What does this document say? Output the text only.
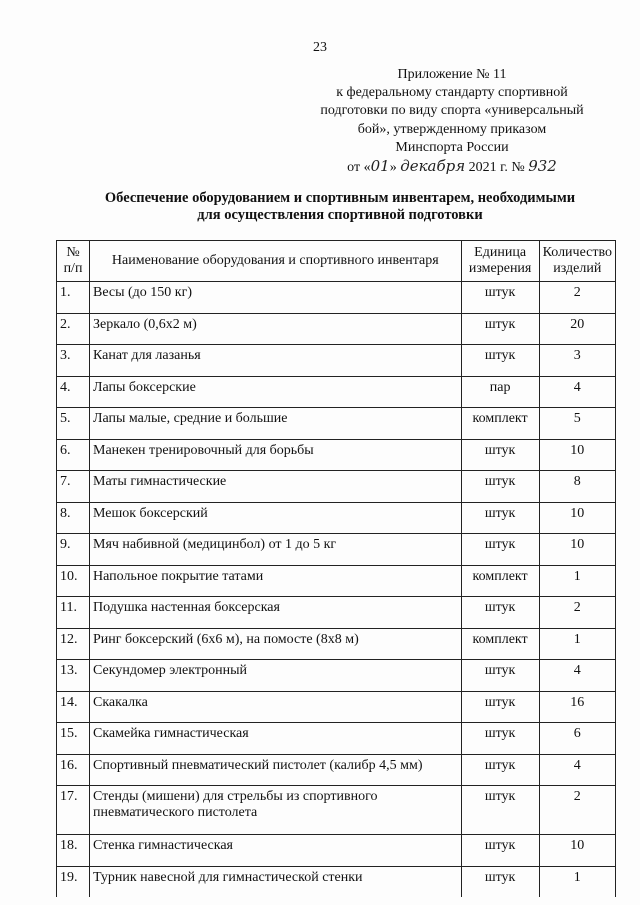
23
Приложение № 11
к федеральному стандарту спортивной
подготовки по виду спорта «универсальный
бой», утвержденному приказом
Минспорта России
от «01» декабря 2021 г. № 932
Обеспечение оборудованием и спортивным инвентарем, необходимыми
для осуществления спортивной подготовки
№ п/п	Наименование оборудования и спортивного инвентаря	Единица измерения	Количество изделий
1.	Весы (до 150 кг)	штук	2
2.	Зеркало (0,6х2 м)	штук	20
3.	Канат для лазанья	штук	3
4.	Лапы боксерские	пар	4
5.	Лапы малые, средние и большие	комплект	5
6.	Манекен тренировочный для борьбы	штук	10
7.	Маты гимнастические	штук	8
8.	Мешок боксерский	штук	10
9.	Мяч набивной (медицинбол) от 1 до 5 кг	штук	10
10.	Напольное покрытие татами	комплект	1
11.	Подушка настенная боксерская	штук	2
12.	Ринг боксерский (6х6 м), на помосте (8х8 м)	комплект	1
13.	Секундомер электронный	штук	4
14.	Скакалка	штук	16
15.	Скамейка гимнастическая	штук	6
16.	Спортивный пневматический пистолет (калибр 4,5 мм)	штук	4
17.	Стенды (мишени) для стрельбы из спортивного пневматического пистолета	штук	2
18.	Стенка гимнастическая	штук	10
19.	Турник навесной для гимнастической стенки	штук	1
